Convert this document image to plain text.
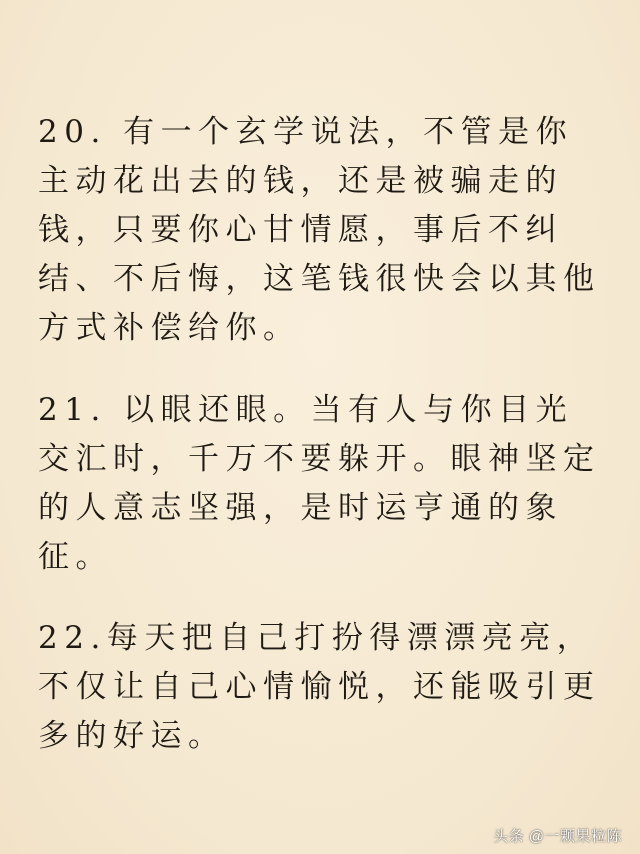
20. 有一个玄学说法，不管是你主动花出去的钱，还是被骗走的钱，只要你心甘情愿，事后不纠结、不后悔，这笔钱很快会以其他方式补偿给你。

21. 以眼还眼。当有人与你目光交汇时，千万不要躲开。眼神坚定的人意志坚强，是时运亨通的象征。

22.每天把自己打扮得漂漂亮亮，不仅让自己心情愉悦，还能吸引更多的好运。

头条 @一颗果粒陈
